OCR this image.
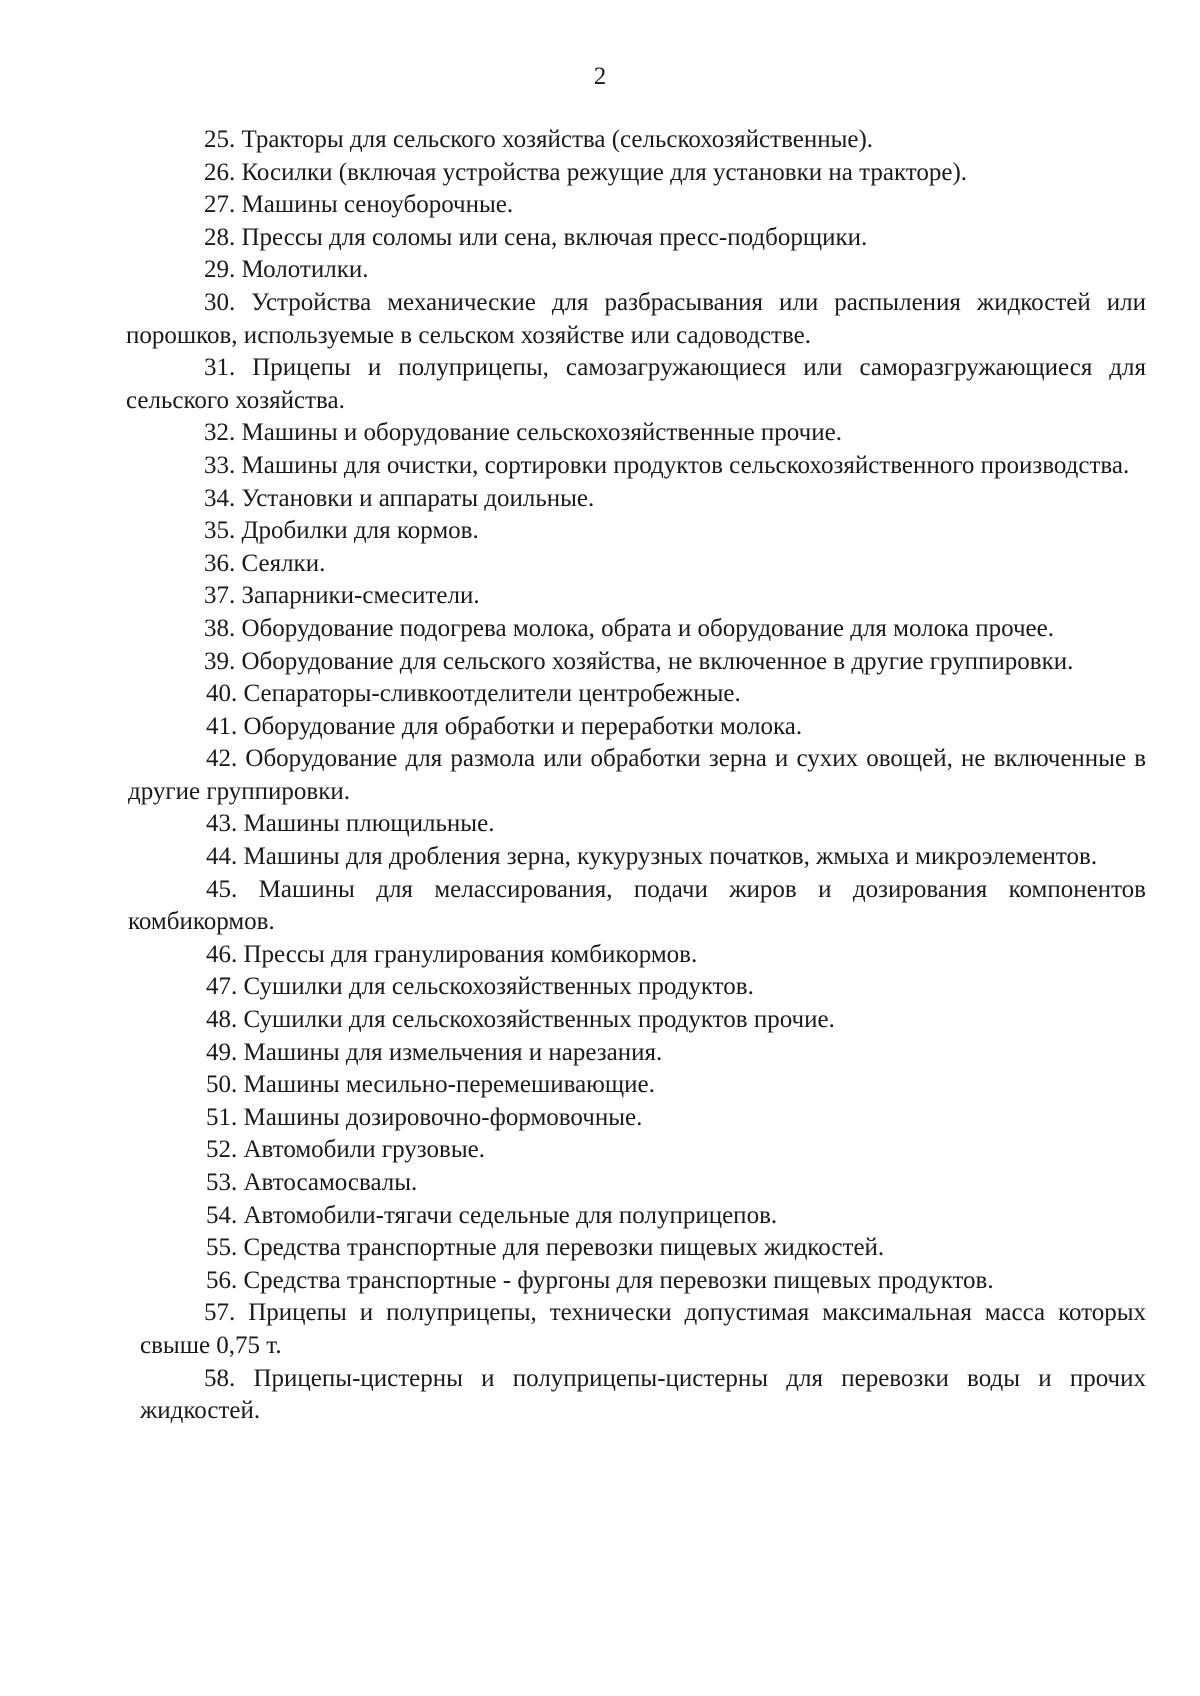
2

25. Тракторы для сельского хозяйства (сельскохозяйственные).

26. Косилки (включая устройства режущие для установки на тракторе).

27. Машины сеноуборочные.

28. Прессы для соломы или сена, включая пресс-подборщики.

29. Молотилки.

30. Устройства механические для разбрасывания или распыления жидкостей или порошков, используемые в сельском хозяйстве или садоводстве.

31. Прицепы и полуприцепы, самозагружающиеся или саморазгружающиеся для сельского хозяйства.

32. Машины и оборудование сельскохозяйственные прочие.

33. Машины для очистки, сортировки продуктов сельскохозяйственного производства.

34. Установки и аппараты доильные.

35. Дробилки для кормов.

36. Сеялки.

37. Запарники-смесители.

38. Оборудование подогрева молока, обрата и оборудование для молока прочее.

39. Оборудование для сельского хозяйства, не включенное в другие группировки.

40. Сепараторы-сливкоотделители центробежные.

41. Оборудование для обработки и переработки молока.

42. Оборудование для размола или обработки зерна и сухих овощей, не включенные в другие группировки.

43. Машины плющильные.

44. Машины для дробления зерна, кукурузных початков, жмыха и микроэлементов.

45. Машины для мелассирования, подачи жиров и дозирования компонентов комбикормов.

46. Прессы для гранулирования комбикормов.

47. Сушилки для сельскохозяйственных продуктов.

48. Сушилки для сельскохозяйственных продуктов прочие.

49. Машины для измельчения и нарезания.

50. Машины месильно-перемешивающие.

51. Машины дозировочно-формовочные.

52. Автомобили грузовые.

53. Автосамосвалы.

54. Автомобили-тягачи седельные для полуприцепов.

55. Средства транспортные для перевозки пищевых жидкостей.

56. Средства транспортные - фургоны для перевозки пищевых продуктов.

57. Прицепы и полуприцепы, технически допустимая максимальная масса которых свыше 0,75 т.

58. Прицепы-цистерны и полуприцепы-цистерны для перевозки воды и прочих жидкостей.
